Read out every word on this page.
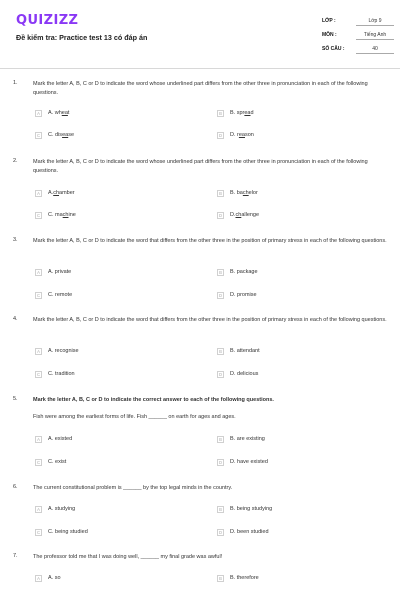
QUIZIZZ
Đề kiểm tra: Practice test 13 có đáp án
LỚP :	Lớp 9
MÔN :	Tiếng Anh
SỐ CÂU :	40
1.	Mark the letter A, B, C or D to indicate the word whose underlined part differs from the other three in pronunciation in each of the following questions.
A	A. wh ea t	B	B. spr ea d
C	C. dis ea se	D	D. r ea son
2.	Mark the letter A, B, C or D to indicate the word whose underlined part differs from the other three in pronunciation in each of the following questions.
A	A. ch amber	B	B. ba ch elor
C	C. ma ch ine	D	D. ch allenge
3.	Mark the letter A, B, C or D to indicate the word that differs from the other three in the position of primary stress in each of the following questions.
A	A. private	B	B. package
C	C. remote	D	D. promise
4.	Mark the letter A, B, C or D to indicate the word that differs from the other three in the position of primary stress in each of the following questions.
A	A. recognise	B	B. attendant
C	C. tradition	D	D. delicious
5.	Mark the letter A, B, C or D to indicate the correct answer to each of the following questions.
Fish were among the earliest forms of life. Fish ______ on earth for ages and ages.
A	A. existed	B	B. are existing
C	C. exist	D	D. have existed
6.	The current constitutional problem is ______ by the top legal minds in the country.
A	A. studying	B	B. being studying
C	C. being studied	D	D. been studied
7.	The professor told me that I was doing well, ______ my final grade was awful!
A	A. so	B	B. therefore
